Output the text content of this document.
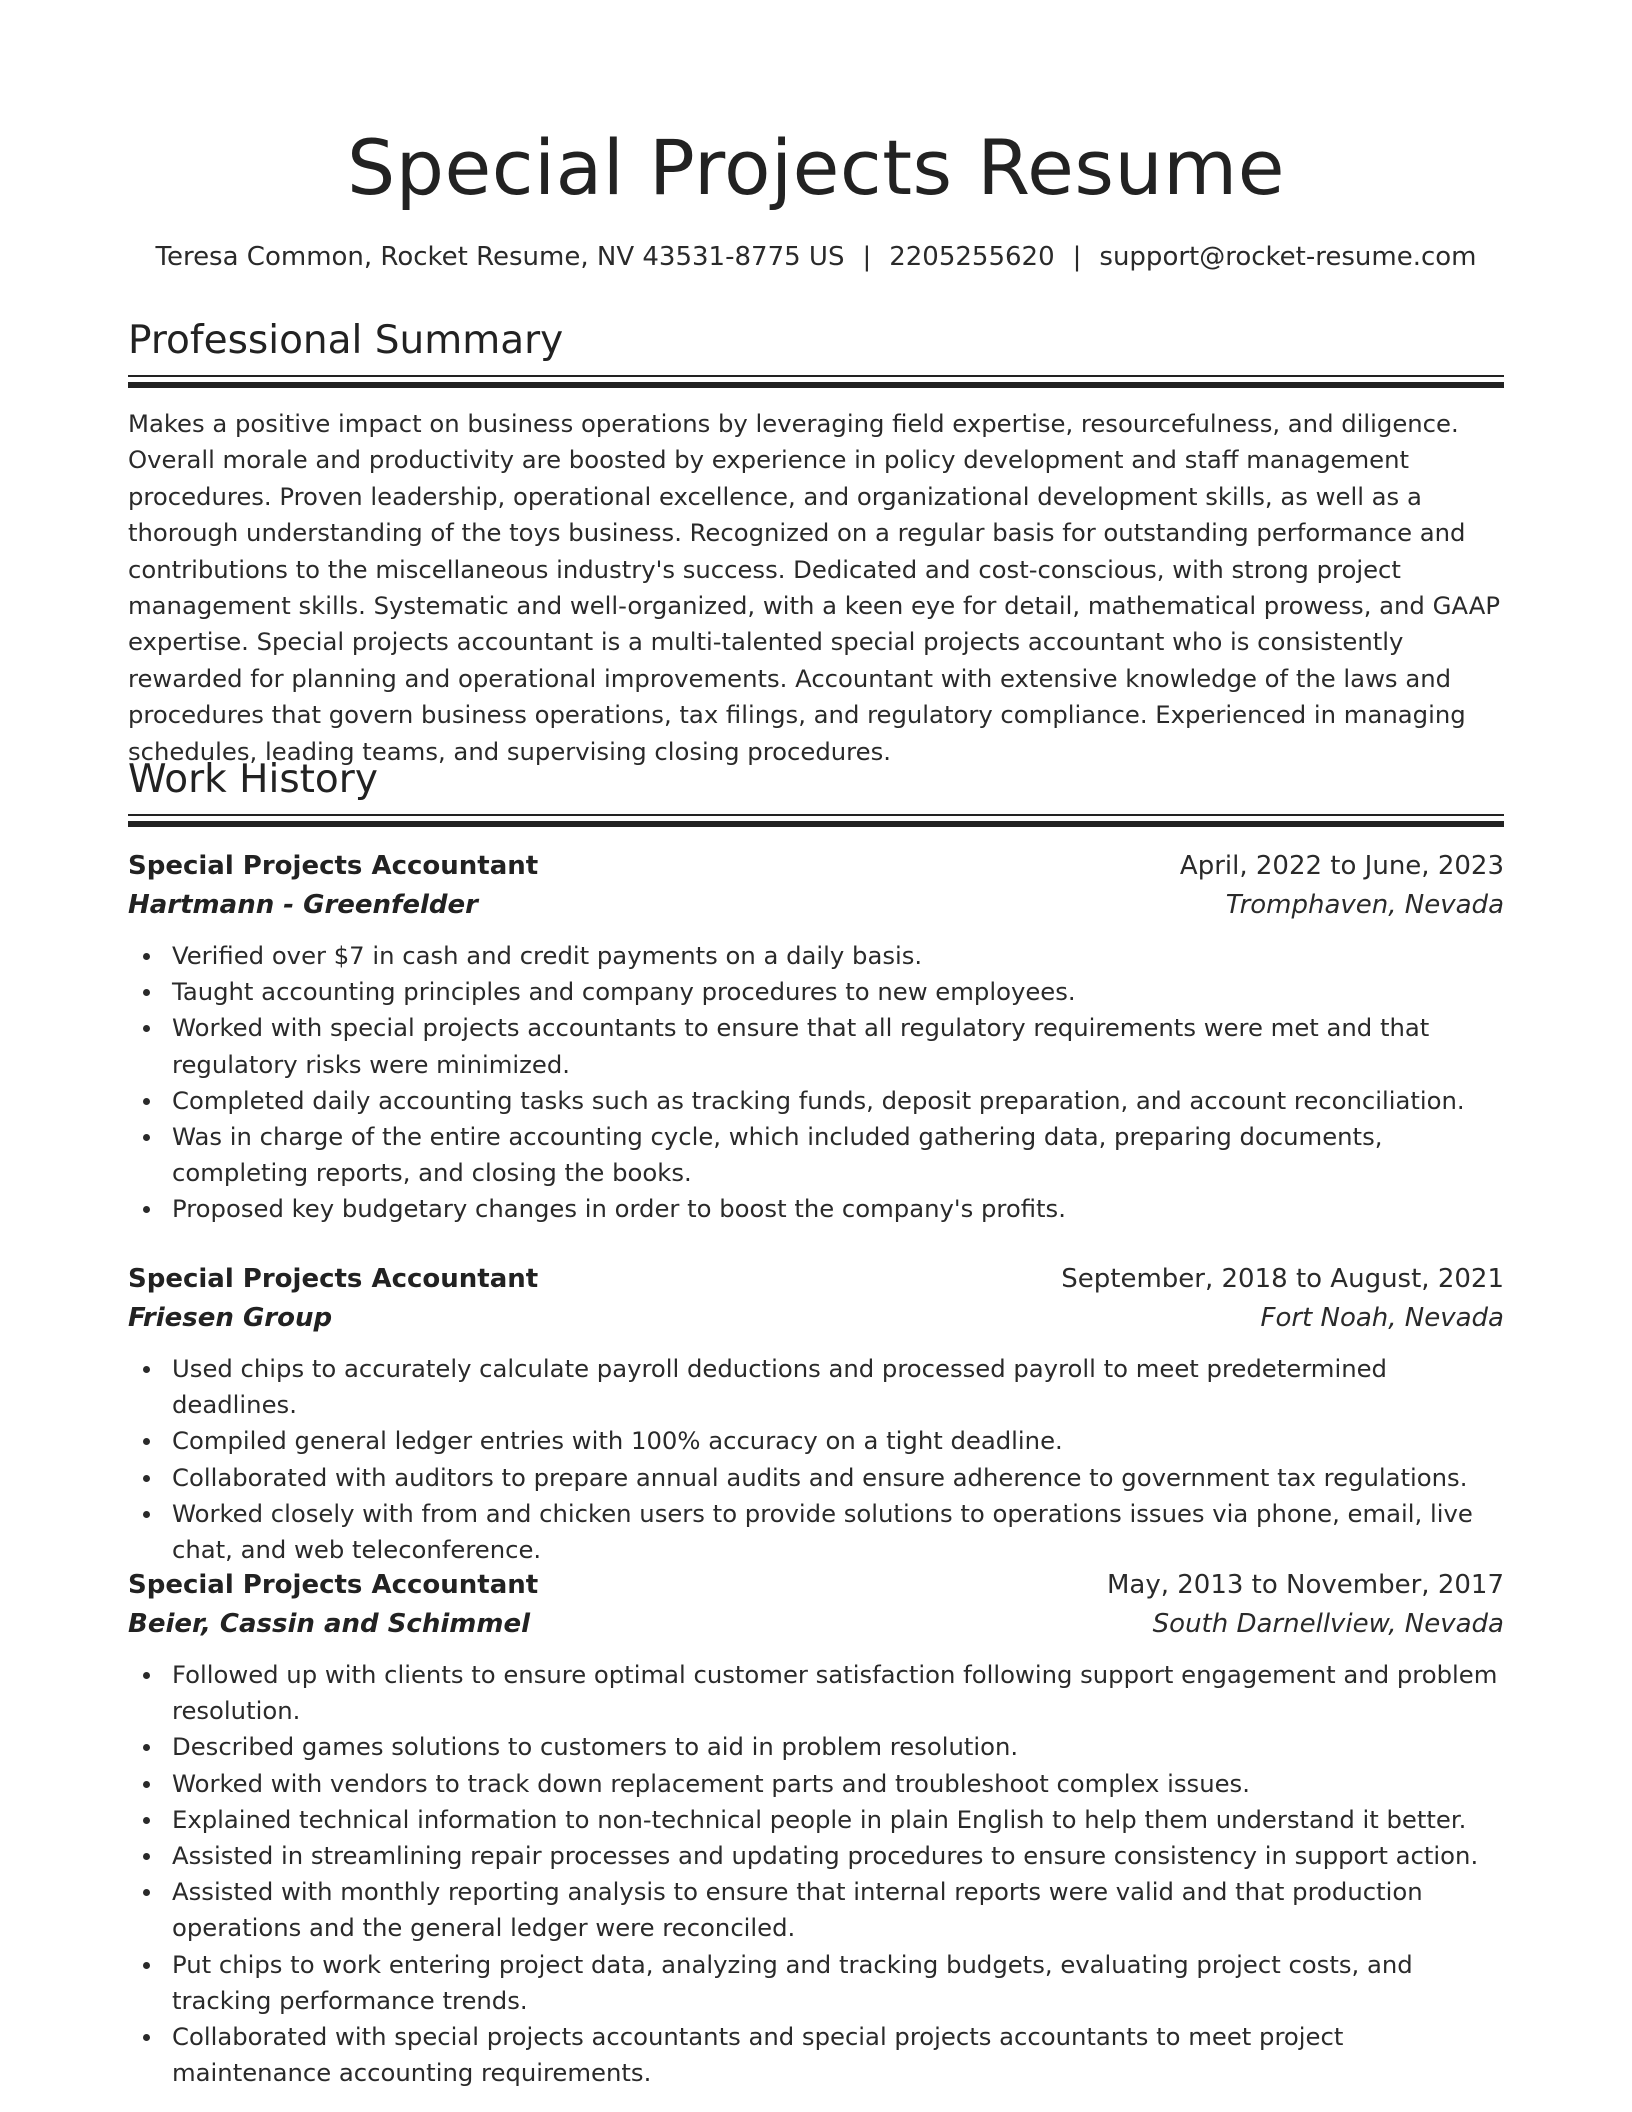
Special Projects Resume
Teresa Common, Rocket Resume, NV 43531-8775 US | 2205255620 | support@rocket-resume.com
Professional Summary

Makes a positive impact on business operations by leveraging field expertise, resourcefulness, and diligence. Overall morale and productivity are boosted by experience in policy development and staff management procedures. Proven leadership, operational excellence, and organizational development skills, as well as a thorough understanding of the toys business. Recognized on a regular basis for outstanding performance and contributions to the miscellaneous industry's success. Dedicated and cost-conscious, with strong project management skills. Systematic and well-organized, with a keen eye for detail, mathematical prowess, and GAAP expertise. Special projects accountant is a multi-talented special projects accountant who is consistently rewarded for planning and operational improvements. Accountant with extensive knowledge of the laws and procedures that govern business operations, tax filings, and regulatory compliance. Experienced in managing schedules, leading teams, and supervising closing procedures.

Work History
Special Projects Accountant	April, 2022 to June, 2023
Hartmann - Greenfelder	Tromphaven, Nevada
Verified over $7 in cash and credit payments on a daily basis.
Taught accounting principles and company procedures to new employees.
Worked with special projects accountants to ensure that all regulatory requirements were met and that regulatory risks were minimized.
Completed daily accounting tasks such as tracking funds, deposit preparation, and account reconciliation.
Was in charge of the entire accounting cycle, which included gathering data, preparing documents, completing reports, and closing the books.
Proposed key budgetary changes in order to boost the company's profits.
Special Projects Accountant	September, 2018 to August, 2021
Friesen Group	Fort Noah, Nevada
Used chips to accurately calculate payroll deductions and processed payroll to meet predetermined deadlines.
Compiled general ledger entries with 100% accuracy on a tight deadline.
Collaborated with auditors to prepare annual audits and ensure adherence to government tax regulations.
Worked closely with from and chicken users to provide solutions to operations issues via phone, email, live chat, and web teleconference.
Special Projects Accountant	May, 2013 to November, 2017
Beier, Cassin and Schimmel	South Darnellview, Nevada
Followed up with clients to ensure optimal customer satisfaction following support engagement and problem resolution.
Described games solutions to customers to aid in problem resolution.
Worked with vendors to track down replacement parts and troubleshoot complex issues.
Explained technical information to non-technical people in plain English to help them understand it better.
Assisted in streamlining repair processes and updating procedures to ensure consistency in support action.
Assisted with monthly reporting analysis to ensure that internal reports were valid and that production operations and the general ledger were reconciled.
Put chips to work entering project data, analyzing and tracking budgets, evaluating project costs, and tracking performance trends.
Collaborated with special projects accountants and special projects accountants to meet project maintenance accounting requirements.
